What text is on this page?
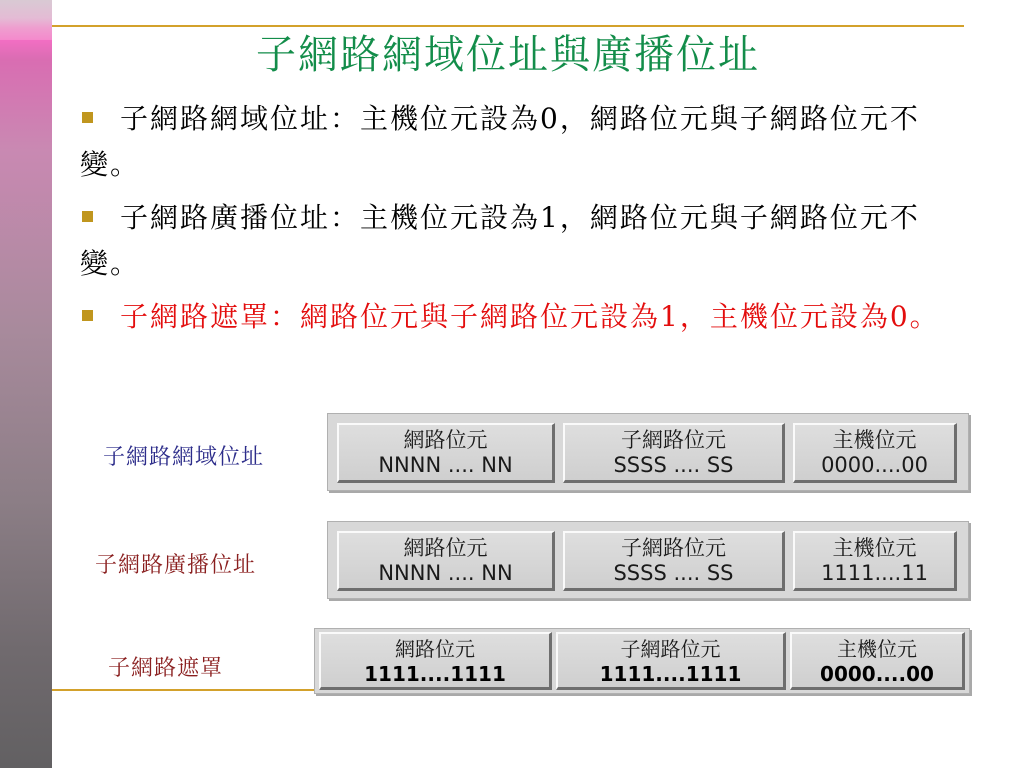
子網路網域位址與廣播位址
子網路網域位址：主機位元設為0，網路位元與子網路位元不變。
子網路廣播位址：主機位元設為1，網路位元與子網路位元不變。
子網路遮罩：網路位元與子網路位元設為1，主機位元設為0。
子網路網域位址
網路位元
NNNN .... NN
子網路位元
SSSS .... SS
主機位元
0000....00
子網路廣播位址
網路位元
NNNN .... NN
子網路位元
SSSS .... SS
主機位元
1111....11
子網路遮罩
網路位元
1111....1111
子網路位元
1111....1111
主機位元
0000....00
